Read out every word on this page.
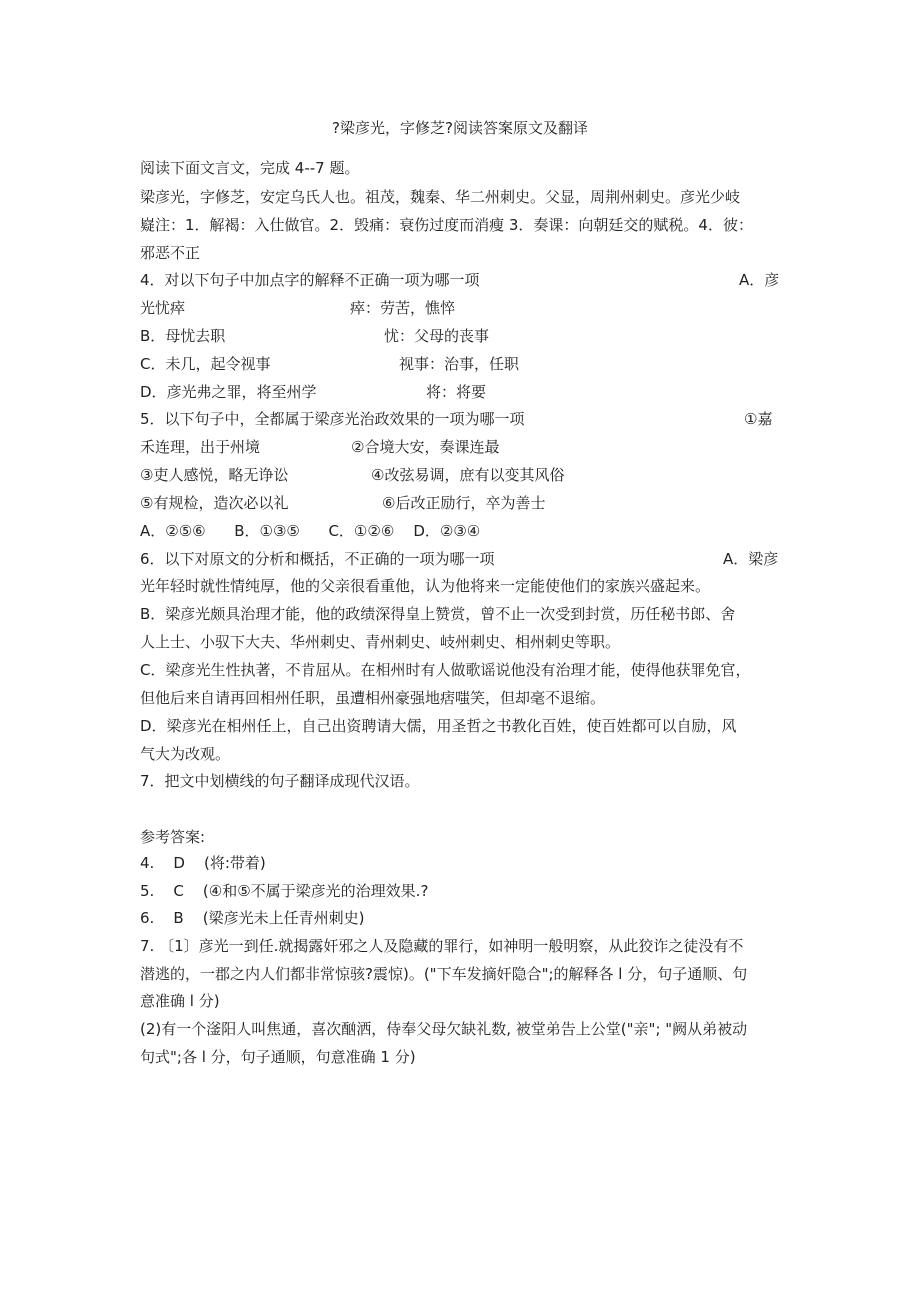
?梁彦光，字修芝?阅读答案原文及翻译
阅读下面文言文，完成 4--7 题。
梁彦光，字修芝，安定乌氏人也。祖茂，魏秦、华二州刺史。父显，周荆州刺史。彦光少岐
嶷注：1．解褐：入仕做官。2．毁痛：衰伤过度而消瘦 3．奏课：向朝廷交的赋税。4．彼：
邪恶不正
4．对以下句子中加点字的解释不正确一项为哪一项	A．彦
光忧瘁	瘁：劳苦，憔悴
B．母忧去职	忧：父母的丧事
C．未几，起令视事	视事：治事，任职
D．彦光弗之罪，将至州学	将：将要
5．以下句子中，全都属于梁彦光治政效果的一项为哪一项	①嘉
禾连理，出于州境	②合境大安，奏课连最
③吏人感悦，略无诤讼	④改弦易调，庶有以变其风俗
⑤有规检，造次必以礼	⑥后改正励行，卒为善士
A．②⑤⑥      B．①③⑤      C．①②⑥    D．②③④
6．以下对原文的分析和概括，不正确的一项为哪一项	A．梁彦
光年轻时就性情纯厚，他的父亲很看重他，认为他将来一定能使他们的家族兴盛起来。
B．梁彦光颇具治理才能，他的政绩深得皇上赞赏，曾不止一次受到封赏，历任秘书郎、舍
人上士、小驭下大夫、华州刺史、青州刺史、岐州刺史、相州刺史等职。
C．梁彦光生性执著，不肯屈从。在相州时有人做歌谣说他没有治理才能，使得他获罪免官，
但他后来自请再回相州任职，虽遭相州豪强地痞嗤笑，但却毫不退缩。
D．梁彦光在相州任上，自己出资聘请大儒，用圣哲之书教化百姓，使百姓都可以自励，风
气大为改观。
7．把文中划横线的句子翻译成现代汉语。
参考答案:
4.    D    (将:带着)
5.    C    (④和⑤不属于梁彦光的治理效果.?
6.    B    (梁彦光未上任青州刺史)
7. 〔1〕彦光一到任.就揭露奸邪之人及隐藏的罪行，如神明一般明察，从此狡诈之徒没有不
潜逃的，一郡之内人们都非常惊骇?震惊)。("下车发摘奸隐合";的解释各 l 分，句子通顺、句
意准确 l 分)
(2)有一个滏阳人叫焦通，喜次酗洒，侍奉父母欠缺礼数, 被堂弟告上公堂("亲"; "阙从弟被动
句式";各 l 分，句子通顺，句意准确 1 分)
